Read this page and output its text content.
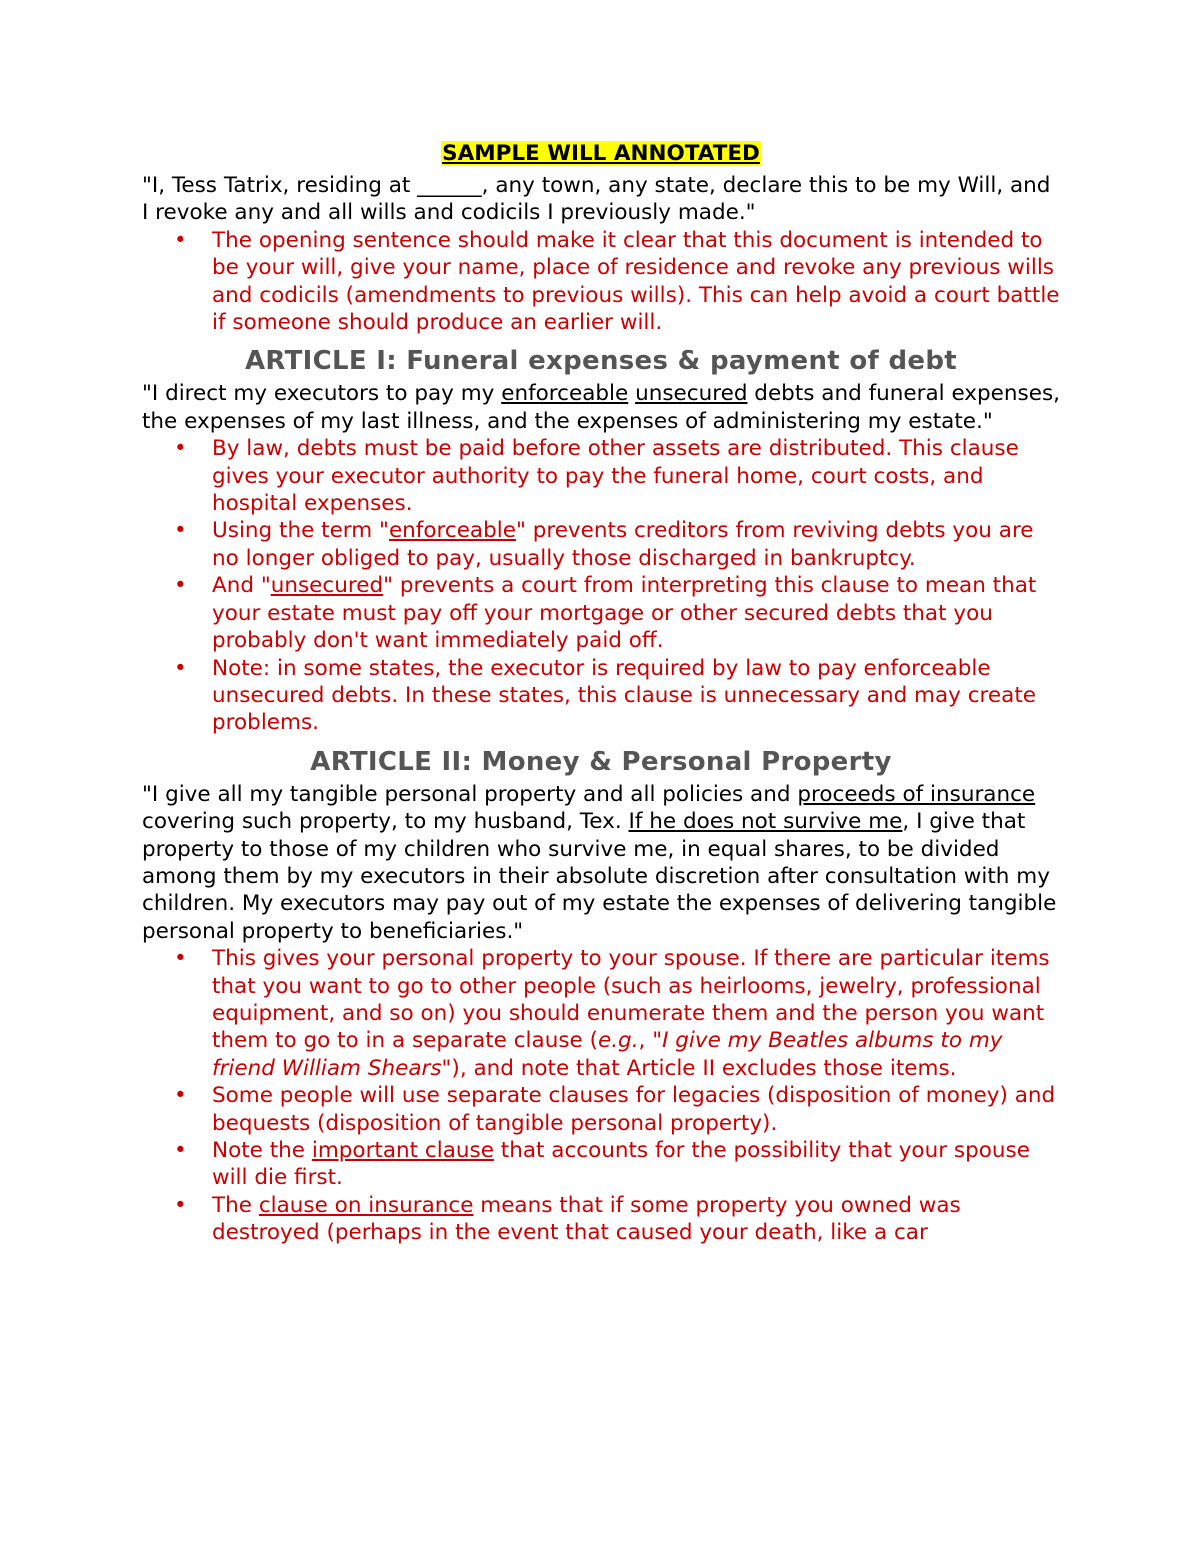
SAMPLE WILL ANNOTATED

"I, Tess Tatrix, residing at ______, any town, any state, declare this to be my Will, and I revoke any and all wills and codicils I previously made."

• The opening sentence should make it clear that this document is intended to be your will, give your name, place of residence and revoke any previous wills and codicils (amendments to previous wills). This can help avoid a court battle if someone should produce an earlier will.
ARTICLE I: Funeral expenses & payment of debt

"I direct my executors to pay my enforceable unsecured debts and funeral expenses, the expenses of my last illness, and the expenses of administering my estate."

• By law, debts must be paid before other assets are distributed. This clause gives your executor authority to pay the funeral home, court costs, and hospital expenses.
• Using the term "enforceable" prevents creditors from reviving debts you are no longer obliged to pay, usually those discharged in bankruptcy.
• And "unsecured" prevents a court from interpreting this clause to mean that your estate must pay off your mortgage or other secured debts that you probably don't want immediately paid off.
• Note: in some states, the executor is required by law to pay enforceable unsecured debts. In these states, this clause is unnecessary and may create problems.
ARTICLE II: Money & Personal Property

"I give all my tangible personal property and all policies and proceeds of insurance covering such property, to my husband, Tex. If he does not survive me, I give that property to those of my children who survive me, in equal shares, to be divided among them by my executors in their absolute discretion after consultation with my children. My executors may pay out of my estate the expenses of delivering tangible personal property to beneficiaries."

• This gives your personal property to your spouse. If there are particular items that you want to go to other people (such as heirlooms, jewelry, professional equipment, and so on) you should enumerate them and the person you want them to go to in a separate clause (e.g., "I give my Beatles albums to my friend William Shears"), and note that Article II excludes those items.
• Some people will use separate clauses for legacies (disposition of money) and bequests (disposition of tangible personal property).
• Note the important clause that accounts for the possibility that your spouse will die first.
• The clause on insurance means that if some property you owned was destroyed (perhaps in the event that caused your death, like a car
